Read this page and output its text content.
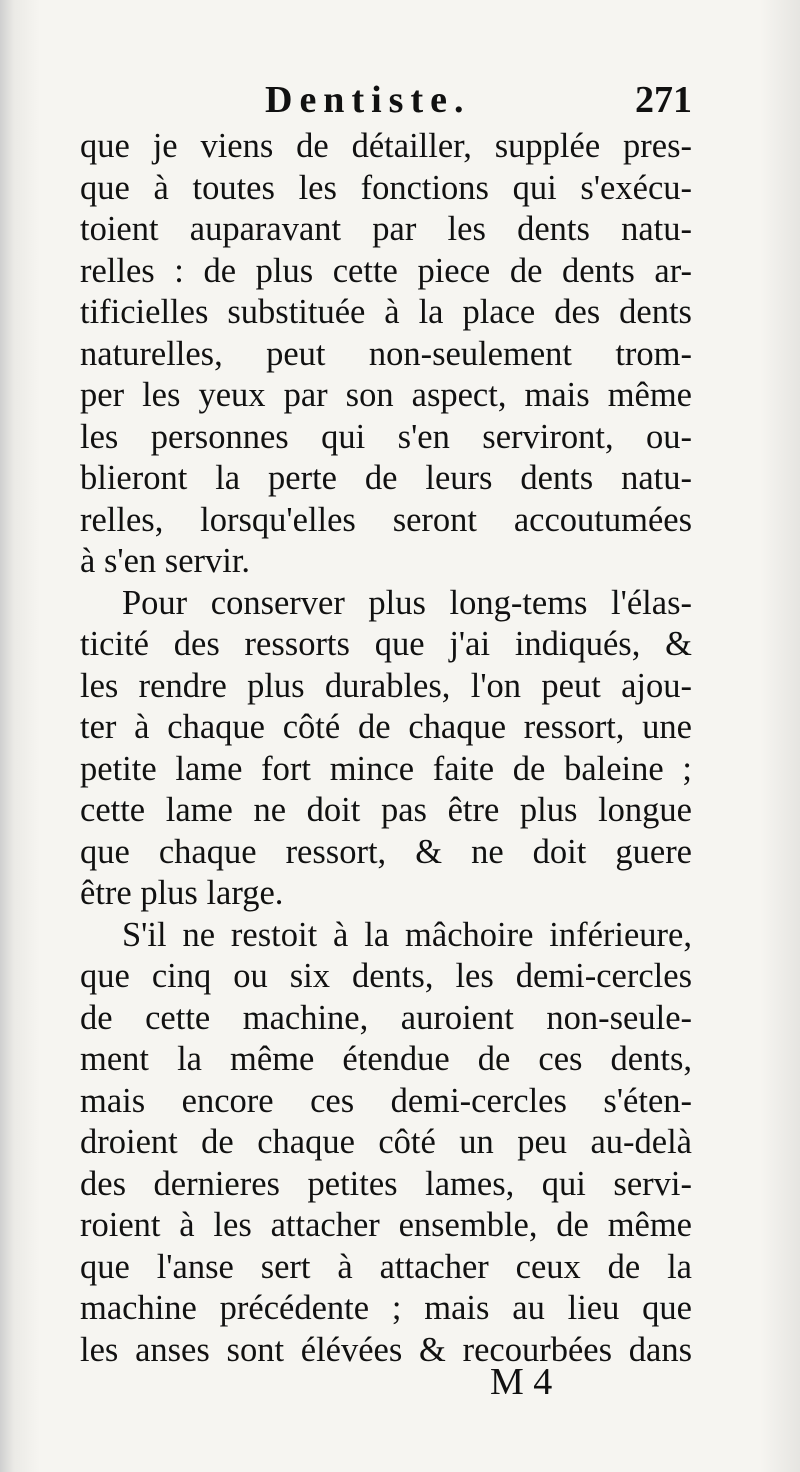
Dentiste.	271
que je viens de détailler, supplée pres-
que à toutes les fonctions qui s'exécu-
toient auparavant par les dents natu-
relles : de plus cette piece de dents ar-
tificielles substituée à la place des dents
naturelles, peut non-seulement trom-
per les yeux par son aspect, mais même
les personnes qui s'en serviront, ou-
blieront la perte de leurs dents natu-
relles, lorsqu'elles seront accoutumées
à s'en servir.
Pour conserver plus long-tems l'élas-
ticité des ressorts que j'ai indiqués, &
les rendre plus durables, l'on peut ajou-
ter à chaque côté de chaque ressort, une
petite lame fort mince faite de baleine ;
cette lame ne doit pas être plus longue
que chaque ressort, & ne doit guere
être plus large.
S'il ne restoit à la mâchoire inférieure,
que cinq ou six dents, les demi-cercles
de cette machine, auroient non-seule-
ment la même étendue de ces dents,
mais encore ces demi-cercles s'éten-
droient de chaque côté un peu au-delà
des dernieres petites lames, qui servi-
roient à les attacher ensemble, de même
que l'anse sert à attacher ceux de la
machine précédente ; mais au lieu que
les anses sont élévées & recourbées dans
M 4
